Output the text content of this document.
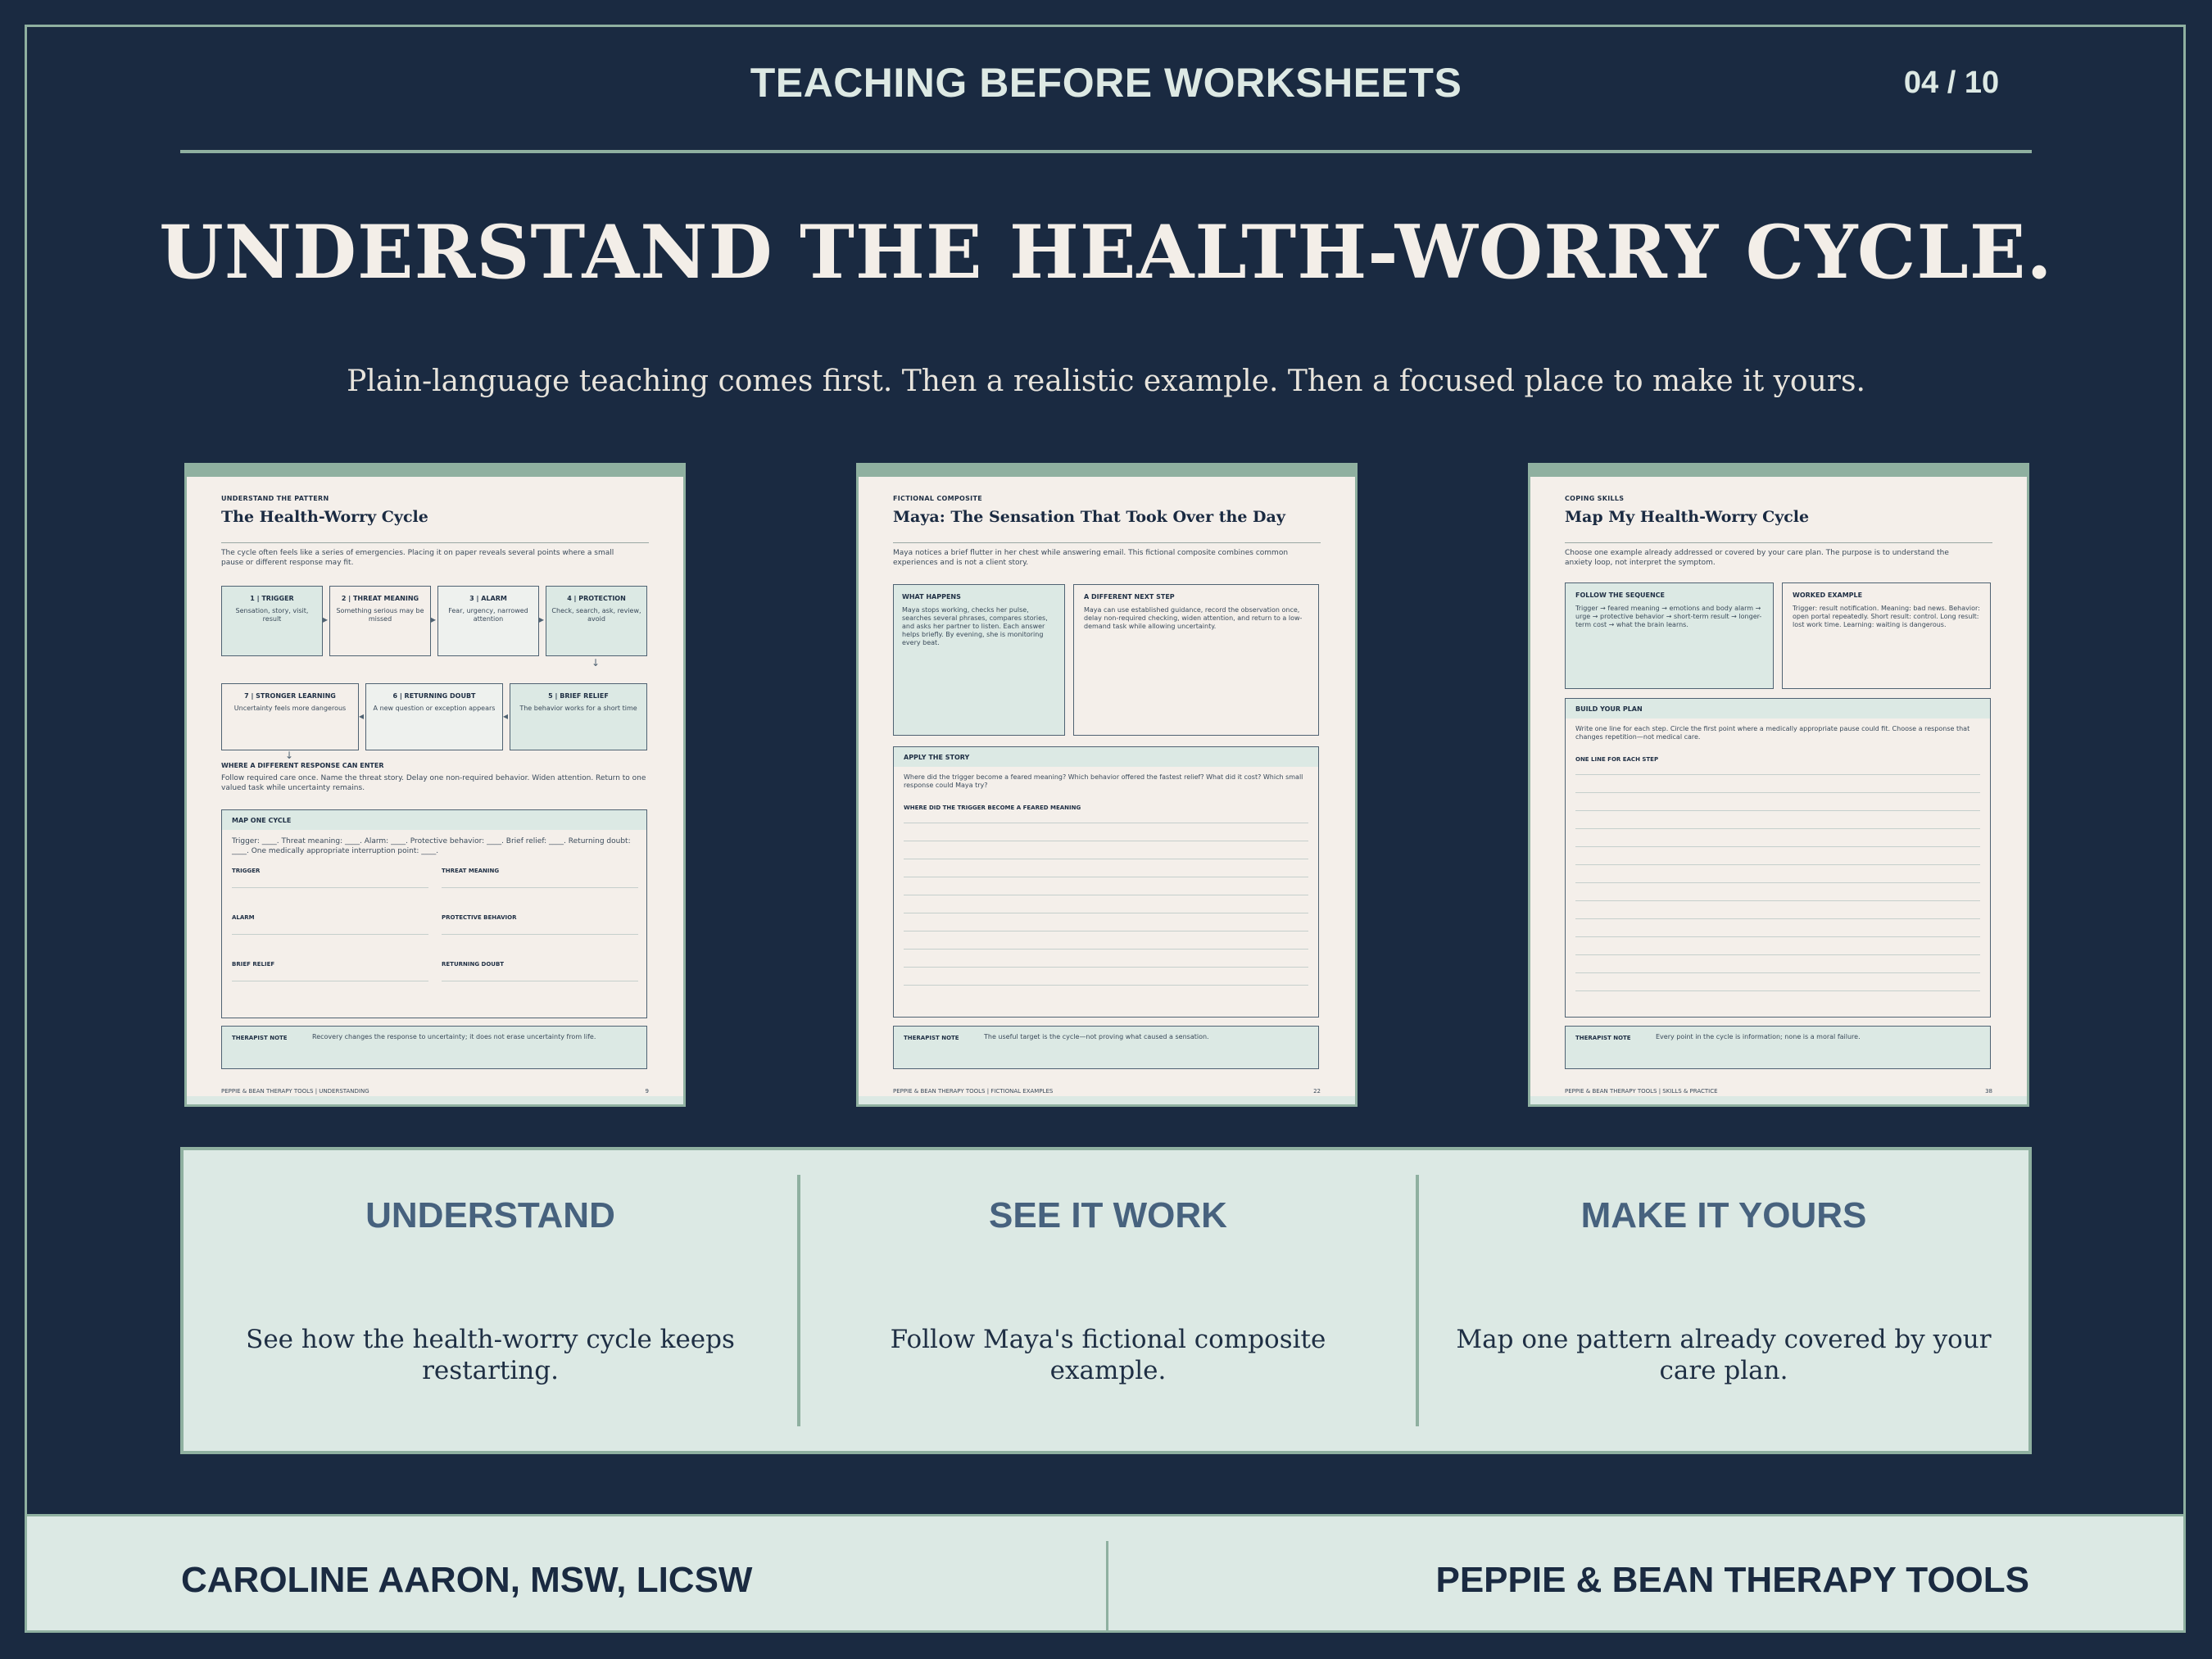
TEACHING BEFORE WORKSHEETS	04 / 10
UNDERSTAND THE HEALTH-WORRY CYCLE.
Plain-language teaching comes first. Then a realistic example. Then a focused place to make it yours.
UNDERSTAND THE PATTERN
The Health-Worry Cycle
The cycle often feels like a series of emergencies. Placing it on paper reveals several points where a small pause or different response may fit.
1 | TRIGGER
Sensation, story, visit, result
2 | THREAT MEANING
Something serious may be missed
3 | ALARM
Fear, urgency, narrowed attention
4 | PROTECTION
Check, search, ask, review, avoid
▸	▸	▸
↓
5 | BRIEF RELIEF
The behavior works for a short time
6 | RETURNING DOUBT
A new question or exception appears
7 | STRONGER LEARNING
Uncertainty feels more dangerous
◂
◂
↓
WHERE A DIFFERENT RESPONSE CAN ENTER
Follow required care once. Name the threat story. Delay one non-required behavior. Widen attention. Return to one valued task while uncertainty remains.
MAP ONE CYCLE
Trigger: ____. Threat meaning: ____. Alarm: ____. Protective behavior: ____. Brief relief: ____. Returning doubt: ____. One medically appropriate interruption point: ____.
TRIGGER	THREAT MEANING
ALARM	PROTECTIVE BEHAVIOR
BRIEF RELIEF	RETURNING DOUBT
THERAPIST NOTE	Recovery changes the response to uncertainty; it does not erase uncertainty from life.
PEPPIE & BEAN THERAPY TOOLS | UNDERSTANDING	9
FICTIONAL COMPOSITE
Maya: The Sensation That Took Over the Day
Maya notices a brief flutter in her chest while answering email. This fictional composite combines common experiences and is not a client story.
WHAT HAPPENS
Maya stops working, checks her pulse, searches several phrases, compares stories, and asks her partner to listen. Each answer helps briefly. By evening, she is monitoring every beat.
A DIFFERENT NEXT STEP
Maya can use established guidance, record the observation once, delay non-required checking, widen attention, and return to a low-demand task while allowing uncertainty.
APPLY THE STORY
Where did the trigger become a feared meaning? Which behavior offered the fastest relief? What did it cost? Which small response could Maya try?
WHERE DID THE TRIGGER BECOME A FEARED MEANING
THERAPIST NOTE	The useful target is the cycle—not proving what caused a sensation.
PEPPIE & BEAN THERAPY TOOLS | FICTIONAL EXAMPLES	22
COPING SKILLS
Map My Health-Worry Cycle
Choose one example already addressed or covered by your care plan. The purpose is to understand the anxiety loop, not interpret the symptom.
FOLLOW THE SEQUENCE
Trigger → feared meaning → emotions and body alarm → urge → protective behavior → short-term result → longer-term cost → what the brain learns.
WORKED EXAMPLE
Trigger: result notification. Meaning: bad news. Behavior: open portal repeatedly. Short result: control. Long result: lost work time. Learning: waiting is dangerous.
BUILD YOUR PLAN
Write one line for each step. Circle the first point where a medically appropriate pause could fit. Choose a response that changes repetition—not medical care.
ONE LINE FOR EACH STEP
THERAPIST NOTE	Every point in the cycle is information; none is a moral failure.
PEPPIE & BEAN THERAPY TOOLS | SKILLS & PRACTICE	38
UNDERSTAND
See how the health-worry cycle keeps restarting.
SEE IT WORK
Follow Maya's fictional composite example.
MAKE IT YOURS
Map one pattern already covered by your care plan.
CAROLINE AARON, MSW, LICSW	PEPPIE & BEAN THERAPY TOOLS
